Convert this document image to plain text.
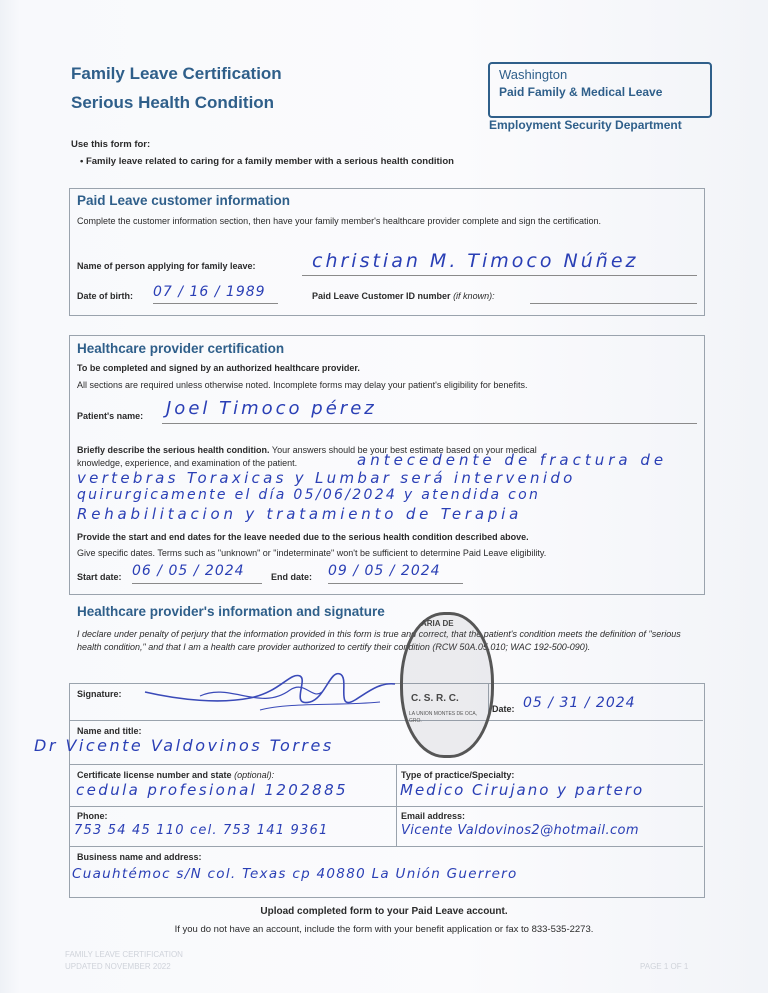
Family Leave Certification
Serious Health Condition
Washington
Paid Family & Medical Leave
Employment Security Department
Use this form for:
• Family leave related to caring for a family member with a serious health condition
Paid Leave customer information
Complete the customer information section, then have your family member's healthcare provider complete and sign the certification.
Name of person applying for family leave:	christian M. Timoco Núñez
Date of birth: 07 / 16 / 1989	Paid Leave Customer ID number (if known):
Healthcare provider certification
To be completed and signed by an authorized healthcare provider.
All sections are required unless otherwise noted. Incomplete forms may delay your patient's eligibility for benefits.
Patient's name: Joel Timoco pérez
Briefly describe the serious health condition. Your answers should be your best estimate based on your medical knowledge, experience, and examination of the patient.	antecedente de fractura de
vertebras Toraxicas y Lumbar será intervenido
quirurgicamente el día 05/06/2024 y atendida con
Rehabilitacion y tratamiento de Terapia
Provide the start and end dates for the leave needed due to the serious health condition described above.
Give specific dates. Terms such as "unknown" or "indeterminate" won't be sufficient to determine Paid Leave eligibility.
Start date: 06 / 05 / 2024	End date: 09 / 05 / 2024
Healthcare provider's information and signature
I declare under penalty of perjury that the information provided in this form is true and correct, that the patient's condition meets the definition of "serious health condition," and that I am a health care provider authorized to certify their condition (RCW 50A.05.010; WAC 192-500-090).
Signature:
ARIA DE
C. S. R. C.
LA UNION MONTES DE OCA, GRO.
Date: 05 / 31 / 2024
Name and title:
Dr Vicente Valdovinos Torres
Certificate license number and state (optional):
cedula profesional 1202885
Type of practice/Specialty:
Medico Cirujano y partero
Phone:
753 54 45 110 cel. 753 141 9361
Email address:
Vicente Valdovinos2@hotmail.com
Business name and address:
Cuauhtémoc s/N col. Texas cp 40880 La Unión Guerrero
Upload completed form to your Paid Leave account.
If you do not have an account, include the form with your benefit application or fax to 833-535-2273.
FAMILY LEAVE CERTIFICATION
UPDATED NOVEMBER 2022	PAGE 1 OF 1
